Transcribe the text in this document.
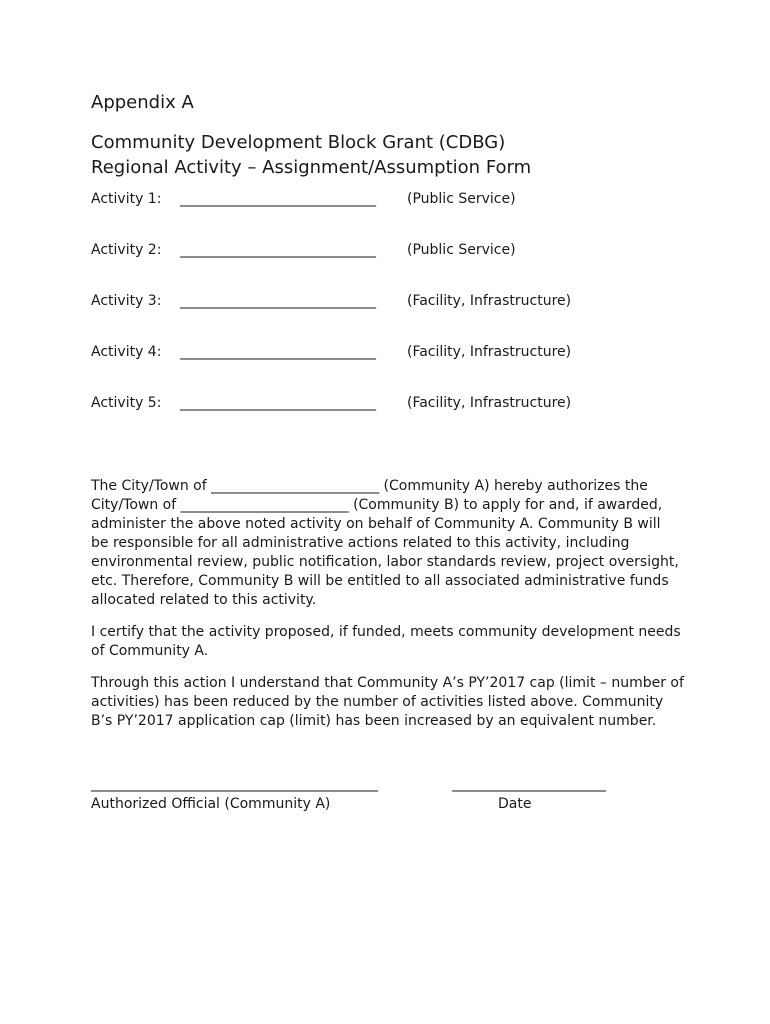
Appendix A
Community Development Block Grant (CDBG)
Regional Activity – Assignment/Assumption Form
Activity 1: ____________________________ (Public Service)
Activity 2: ____________________________ (Public Service)
Activity 3: ____________________________ (Facility, Infrastructure)
Activity 4: ____________________________ (Facility, Infrastructure)
Activity 5: ____________________________ (Facility, Infrastructure)
The City/Town of ________________________ (Community A) hereby authorizes the
City/Town of ________________________ (Community B) to apply for and, if awarded,
administer the above noted activity on behalf of Community A. Community B will
be responsible for all administrative actions related to this activity, including
environmental review, public notification, labor standards review, project oversight,
etc. Therefore, Community B will be entitled to all associated administrative funds
allocated related to this activity.
I certify that the activity proposed, if funded, meets community development needs
of Community A.
Through this action I understand that Community A’s PY’2017 cap (limit – number of
activities) has been reduced by the number of activities listed above. Community
B’s PY’2017 application cap (limit) has been increased by an equivalent number.
_________________________________________
Authorized Official (Community A)
______________________
Date
